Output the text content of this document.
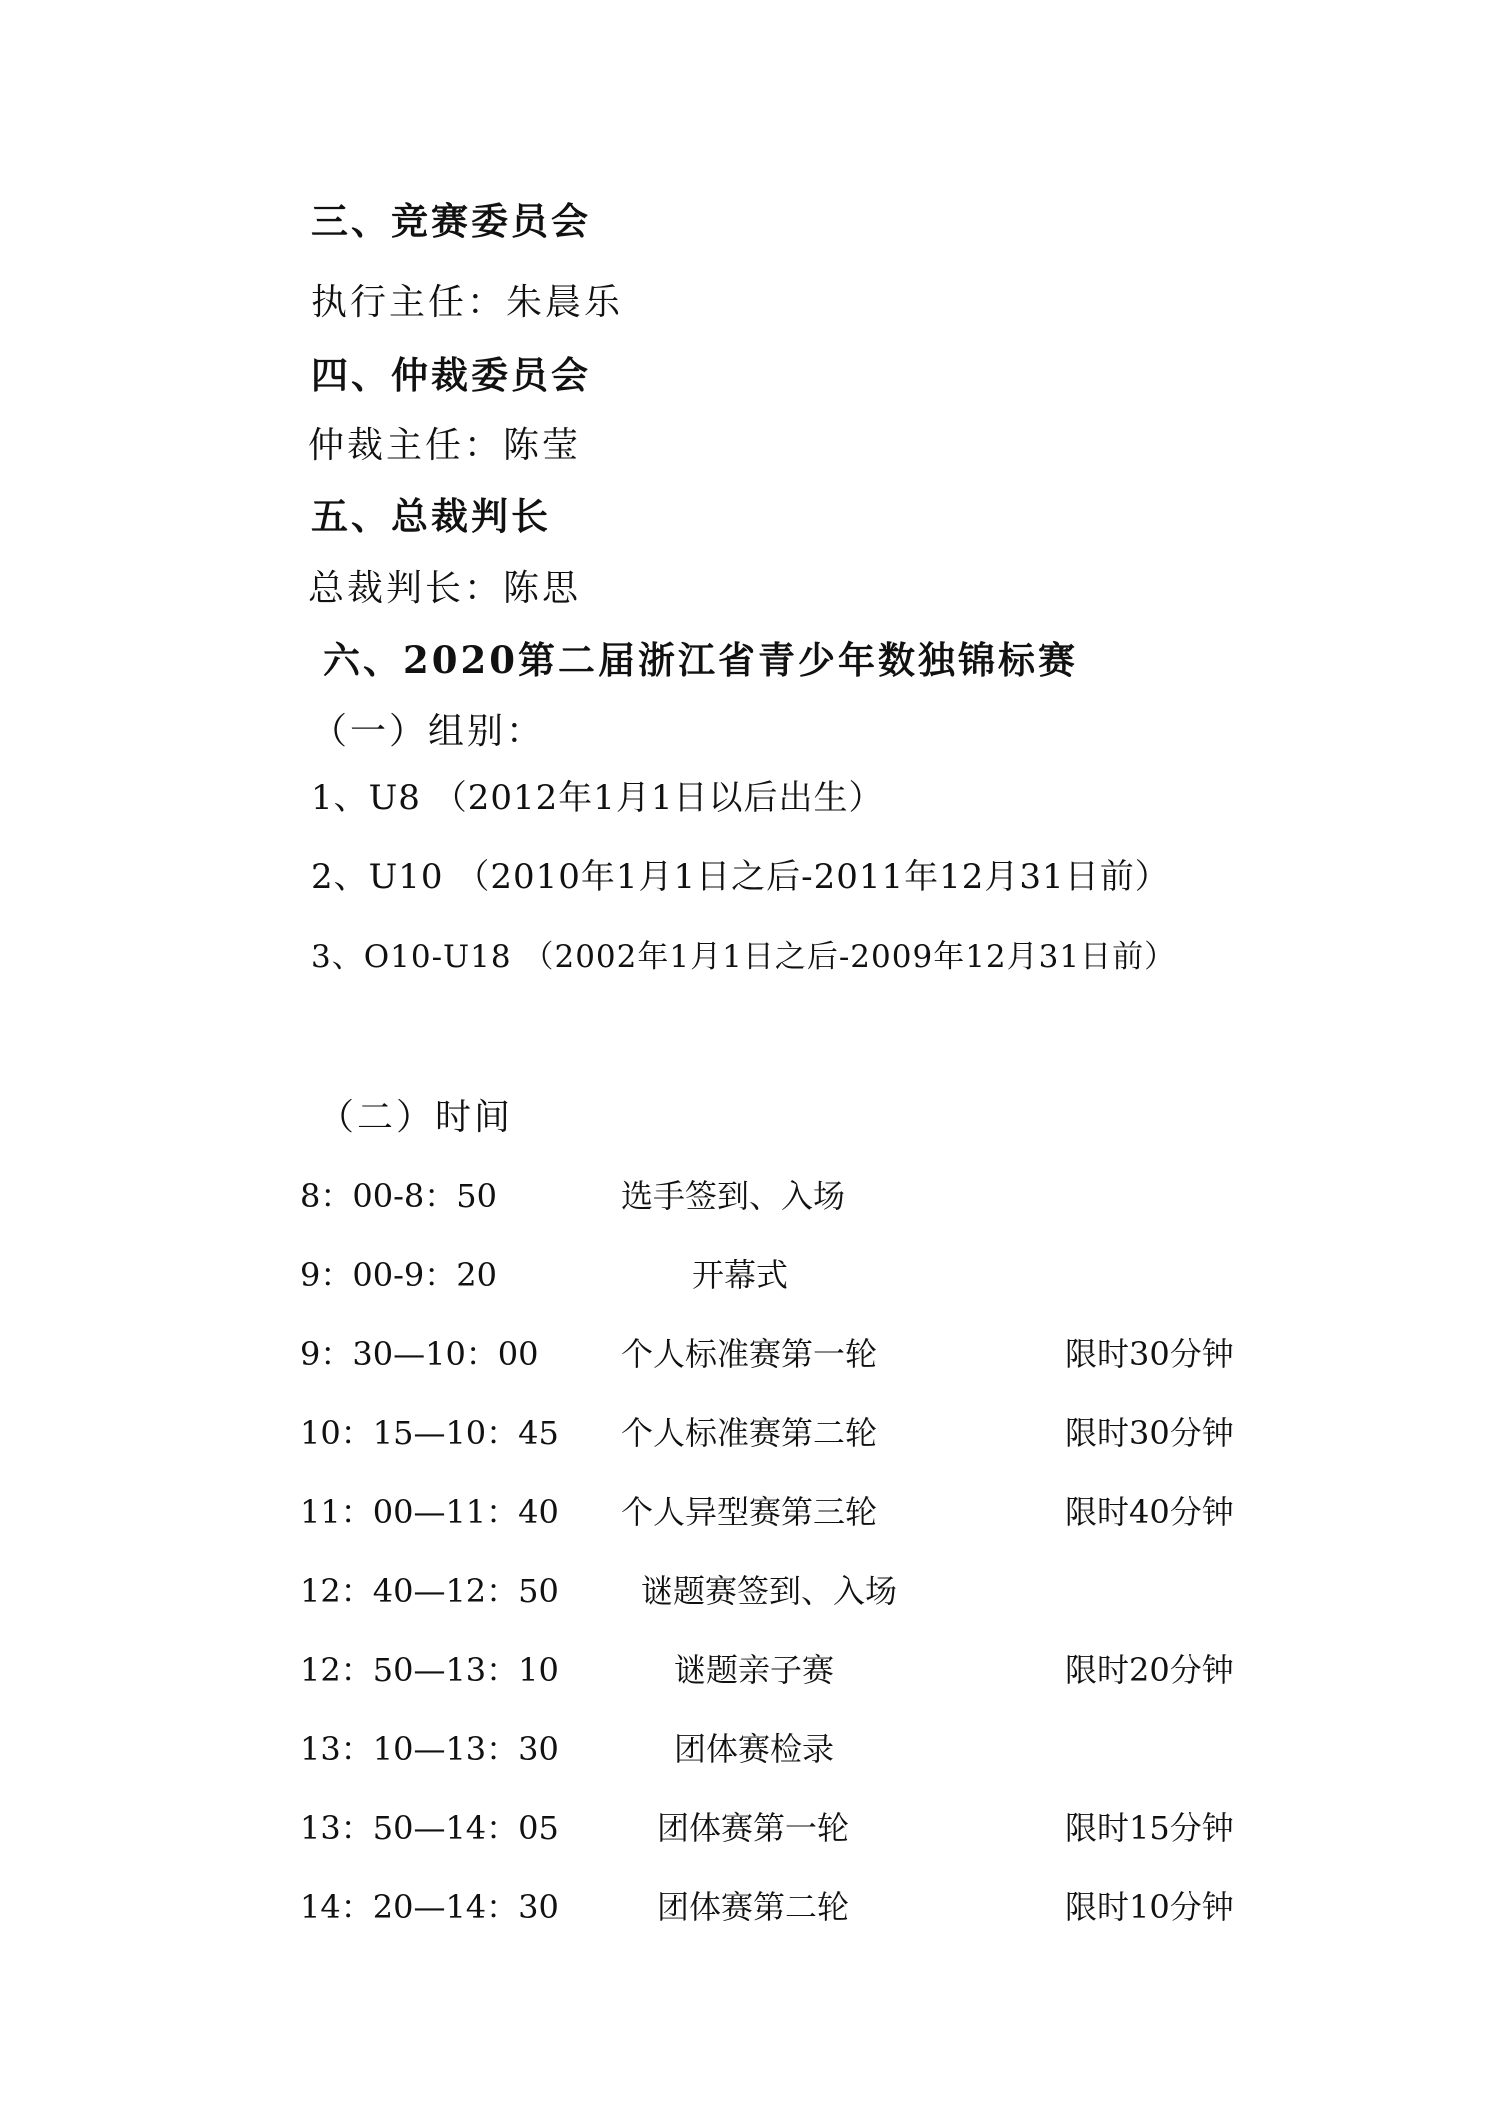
三、竞赛委员会
执行主任：朱晨乐
四、仲裁委员会
仲裁主任：陈莹
五、总裁判长
总裁判长：陈思
六、2020第二届浙江省青少年数独锦标赛
（一）组别：
1、U8 （2012年1月1日以后出生）
2、U10 （2010年1月1日之后-2011年12月31日前）
3、O10-U18 （2002年1月1日之后-2009年12月31日前）
（二）时间
8：00-8：50	选手签到、入场
9：00-9：20	开幕式
9：30—10：00	个人标准赛第一轮	限时30分钟
10：15—10：45 个人标准赛第二轮	限时30分钟
11：00—11：40 个人异型赛第三轮	限时40分钟
12：40—12：50	谜题赛签到、入场
12：50—13：10	谜题亲子赛	限时20分钟
13：10—13：30	团体赛检录
13：50—14：05	团体赛第一轮	限时15分钟
14：20—14：30	团体赛第二轮	限时10分钟
